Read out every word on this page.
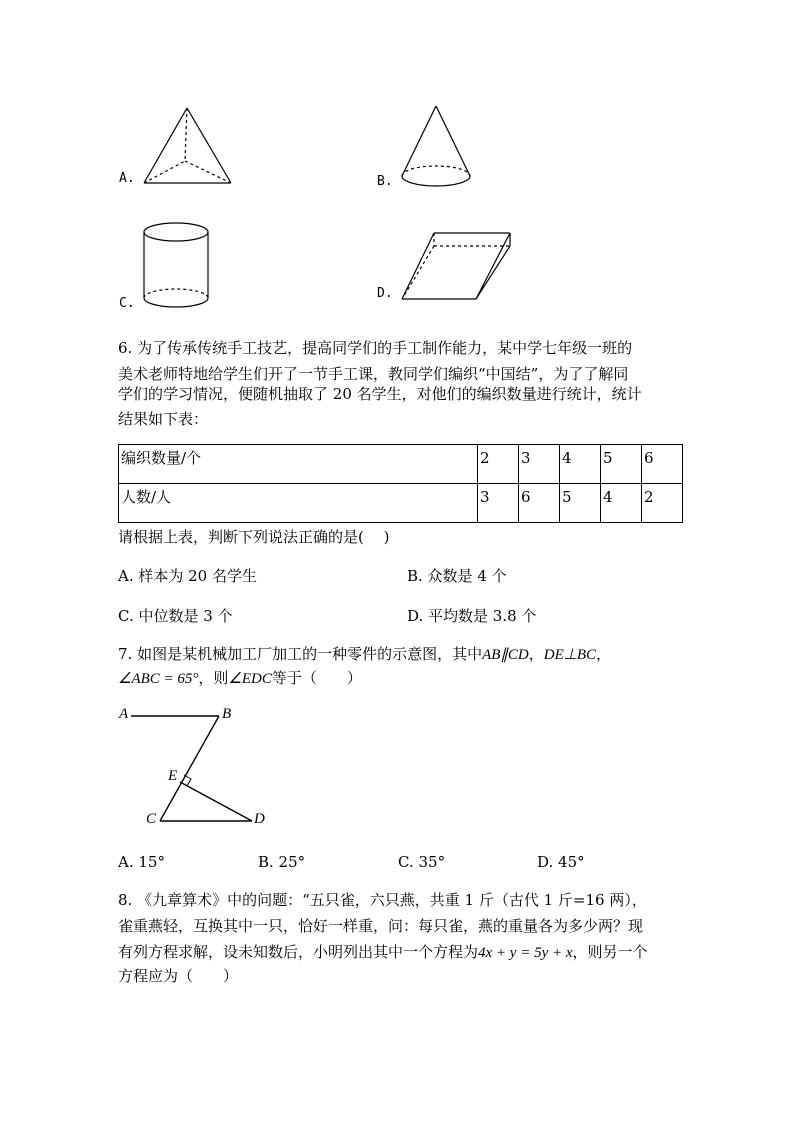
A.	B.
C.
D.
6. 为了传承传统手工技艺，提高同学们的手工制作能力，某中学七年级一班的
美术老师特地给学生们开了一节手工课，教同学们编织“中国结”，为了了解同
学们的学习情况，便随机抽取了 20 名学生，对他们的编织数量进行统计，统计
结果如下表：
编织数量/个	2	3	4	5	6
人数/人	3	6	5	4	2
请根据上表，判断下列说法正确的是(　 )
A. 样本为 20 名学生	B. 众数是 4 个
C. 中位数是 3 个	D. 平均数是 3.8 个
7. 如图是某机械加工厂加工的一种零件的示意图，其中AB∥CD，DE⊥BC，
∠ABC = 65°，则∠EDC等于（　　）
A	B
E
C	D
A. 15°	B. 25°	C. 35°	D. 45°
8. 《九章算术》中的问题：“五只雀，六只燕，共重 1 斤（古代 1 斤=16 两），
雀重燕轻，互换其中一只，恰好一样重，问：每只雀，燕的重量各为多少两？现
有列方程求解，设未知数后，小明列出其中一个方程为4x + y = 5y + x，则另一个
方程应为（　　）
